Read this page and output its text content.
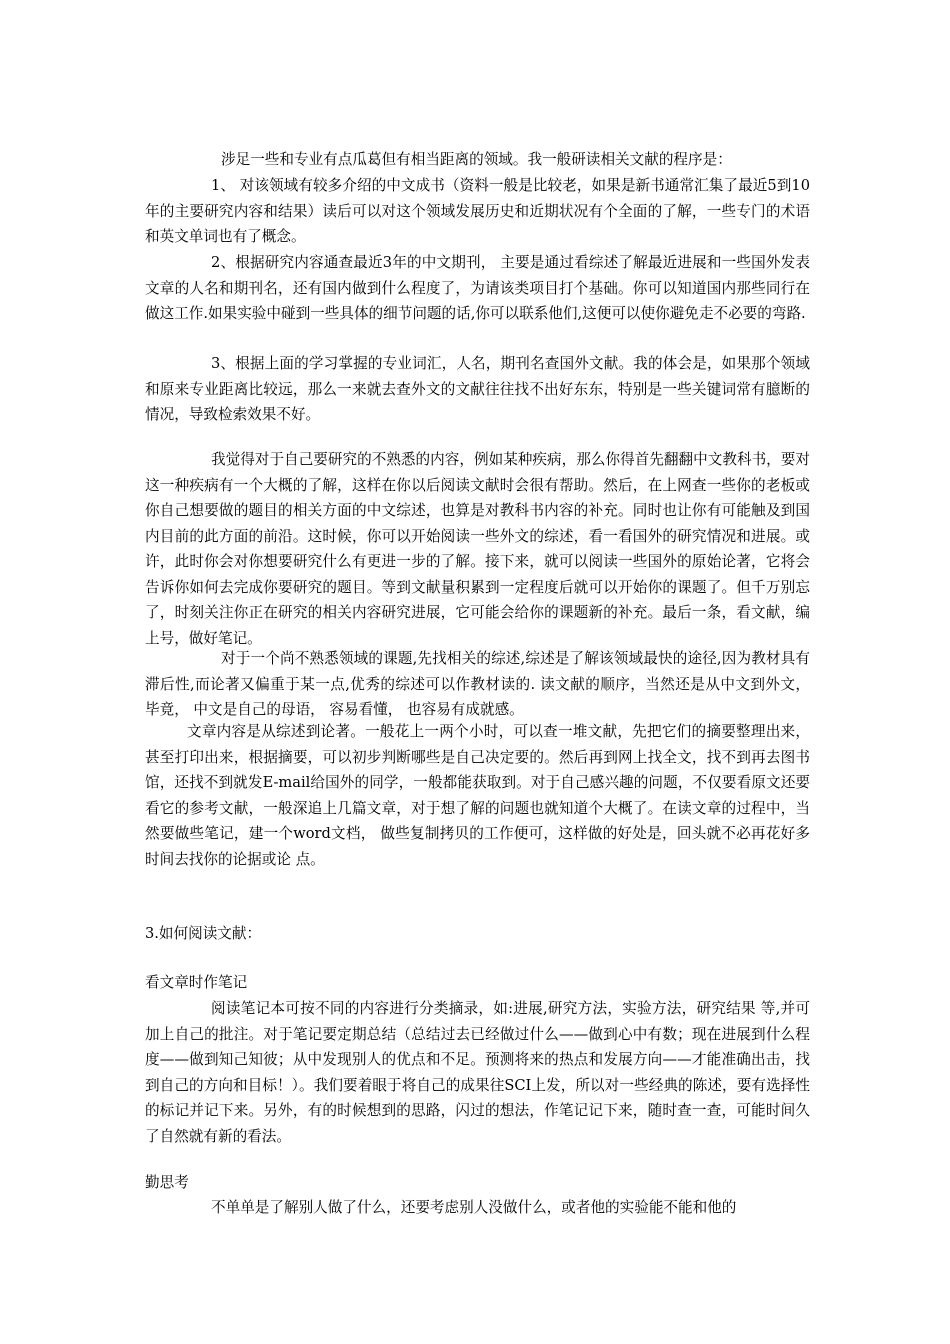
涉足一些和专业有点瓜葛但有相当距离的领域。我一般研读相关文献的程序是：

1、 对该领域有较多介绍的中文成书（资料一般是比较老，如果是新书通常汇集了最近5到10年的主要研究内容和结果）读后可以对这个领域发展历史和近期状况有个全面的了解，一些专门的术语和英文单词也有了概念。

2、根据研究内容通查最近3年的中文期刊， 主要是通过看综述了解最近进展和一些国外发表文章的人名和期刊名，还有国内做到什么程度了，为请该类项目打个基础。你可以知道国内那些同行在做这工作.如果实验中碰到一些具体的细节问题的话,你可以联系他们,这便可以使你避免走不必要的弯路.

3、根据上面的学习掌握的专业词汇，人名，期刊名查国外文献。我的体会是，如果那个领域和原来专业距离比较远，那么一来就去查外文的文献往往找不出好东东，特别是一些关键词常有臆断的情况，导致检索效果不好。

我觉得对于自己要研究的不熟悉的内容，例如某种疾病，那么你得首先翻翻中文教科书，要对这一种疾病有一个大概的了解，这样在你以后阅读文献时会很有帮助。然后，在上网查一些你的老板或你自己想要做的题目的相关方面的中文综述，也算是对教科书内容的补充。同时也让你有可能触及到国内目前的此方面的前沿。这时候，你可以开始阅读一些外文的综述，看一看国外的研究情况和进展。或许，此时你会对你想要研究什么有更进一步的了解。接下来，就可以阅读一些国外的原始论著，它将会告诉你如何去完成你要研究的题目。等到文献量积累到一定程度后就可以开始你的课题了。但千万别忘了，时刻关注你正在研究的相关内容研究进展，它可能会给你的课题新的补充。最后一条，看文献，编上号，做好笔记。

对于一个尚不熟悉领域的课题,先找相关的综述,综述是了解该领域最快的途径,因为教材具有滞后性,而论著又偏重于某一点,优秀的综述可以作教材读的. 读文献的顺序，当然还是从中文到外文， 毕竟， 中文是自己的母语， 容易看懂， 也容易有成就感。

文章内容是从综述到论著。一般花上一两个小时，可以查一堆文献，先把它们的摘要整理出来，甚至打印出来，根据摘要，可以初步判断哪些是自己决定要的。然后再到网上找全文，找不到再去图书馆，还找不到就发E-mail给国外的同学，一般都能获取到。对于自己感兴趣的问题，不仅要看原文还要看它的参考文献，一般深追上几篇文章，对于想了解的问题也就知道个大概了。在读文章的过程中，当然要做些笔记，建一个word文档， 做些复制拷贝的工作便可，这样做的好处是，回头就不必再花好多时间去找你的论据或论 点。

3.如何阅读文献：

看文章时作笔记

阅读笔记本可按不同的内容进行分类摘录，如:进展,研究方法，实验方法，研究结果 等,并可加上自己的批注。对于笔记要定期总结（总结过去已经做过什么——做到心中有数；现在进展到什么程度——做到知己知彼；从中发现别人的优点和不足。预测将来的热点和发展方向——才能准确出击，找到自己的方向和目标！）。我们要着眼于将自己的成果往SCI上发，所以对一些经典的陈述，要有选择性的标记并记下来。另外，有的时候想到的思路，闪过的想法，作笔记记下来，随时查一查，可能时间久了自然就有新的看法。

勤思考

不单单是了解别人做了什么，还要考虑别人没做什么，或者他的实验能不能和他的
